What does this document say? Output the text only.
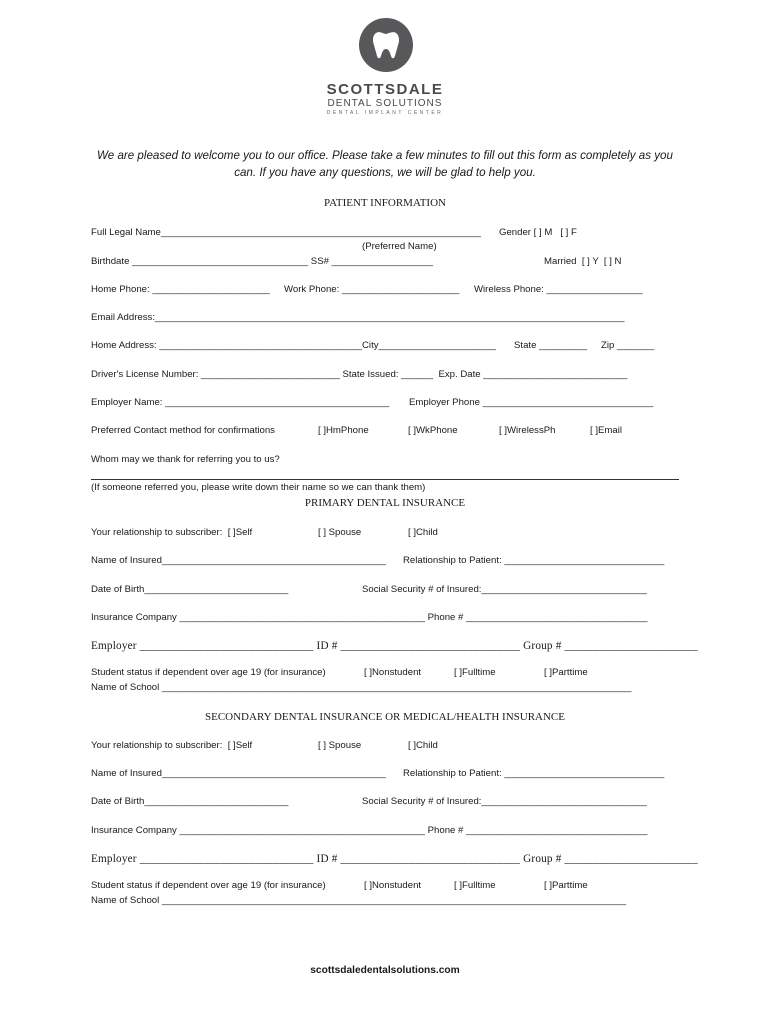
SCOTTSDALE
DENTAL SOLUTIONS
DENTAL IMPLANT CENTER
We are pleased to welcome you to our office. Please take a few minutes to fill out this form as completely as you can. If you have any questions, we will be glad to help you.
PATIENT INFORMATION
Full Legal Name____________________________________________________________ Gender [ ] M   [ ] F
(Preferred Name)
Birthdate _________________________________ SS# ___________________	Married  [ ] Y  [ ] N
Home Phone: ______________________ Work Phone: ______________________ Wireless Phone: __________________
Email Address:________________________________________________________________________________________
Home Address: ______________________________________City______________________ State _________ Zip _______
Driver's License Number: __________________________ State Issued: ______  Exp. Date ___________________________
Employer Name: __________________________________________ Employer Phone ________________________________
Preferred Contact method for confirmations	[ ]HmPhone	[ ]WkPhone	[ ]WirelessPh	[ ]Email
Whom may we thank for referring you to us?
(If someone referred you, please write down their name so we can thank them)
PRIMARY DENTAL INSURANCE
Your relationship to subscriber:  [ ]Self	[ ] Spouse	[ ]Child
Name of Insured__________________________________________ Relationship to Patient: ______________________________
Date of Birth___________________________	Social Security # of Insured:_______________________________
Insurance Company ______________________________________________ Phone # __________________________________
Employer ______________________________ ID # _______________________________ Group # _______________________
Student status if dependent over age 19 (for insurance)	[ ]Nonstudent	[ ]Fulltime	[ ]Parttime
Name of School ________________________________________________________________________________________
SECONDARY DENTAL INSURANCE OR MEDICAL/HEALTH INSURANCE
Your relationship to subscriber:  [ ]Self	[ ] Spouse	[ ]Child
Name of Insured__________________________________________ Relationship to Patient: ______________________________
Date of Birth___________________________	Social Security # of Insured:_______________________________
Insurance Company ______________________________________________ Phone # __________________________________
Employer ______________________________ ID # _______________________________ Group # _______________________
Student status if dependent over age 19 (for insurance)	[ ]Nonstudent	[ ]Fulltime	[ ]Parttime
Name of School _______________________________________________________________________________________
scottsdaledentalsolutions.com
